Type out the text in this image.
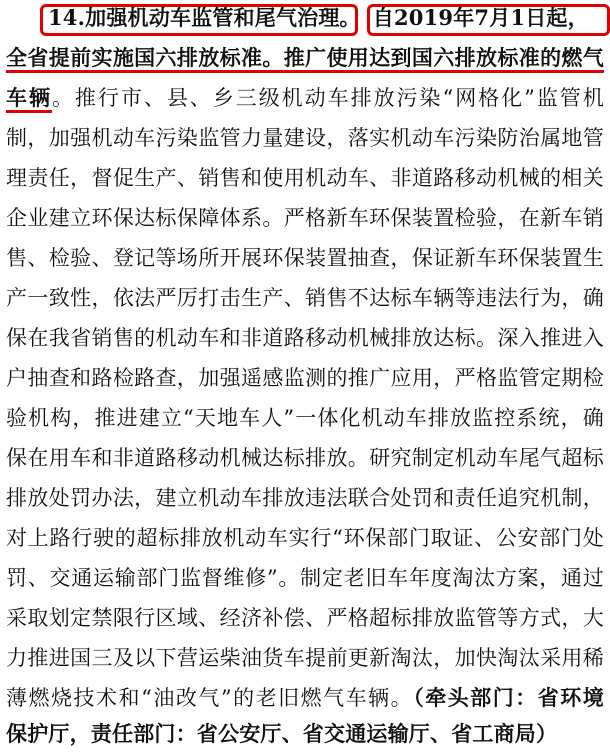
14.加强机动车监管和尾气治理。 自2019年7月1日起，
全省提前实施国六排放标准。推广使用达到国六排放标准的燃气
车辆。推行市、县、乡三级机动车排放污染“网格化”监管机
制，加强机动车污染监管力量建设，落实机动车污染防治属地管
理责任，督促生产、销售和使用机动车、非道路移动机械的相关
企业建立环保达标保障体系。严格新车环保装置检验，在新车销
售、检验、登记等场所开展环保装置抽查，保证新车环保装置生
产一致性，依法严厉打击生产、销售不达标车辆等违法行为，确
保在我省销售的机动车和非道路移动机械排放达标。深入推进入
户抽查和路检路查，加强遥感监测的推广应用，严格监管定期检
验机构，推进建立“天地车人”一体化机动车排放监控系统，确
保在用车和非道路移动机械达标排放。研究制定机动车尾气超标
排放处罚办法，建立机动车排放违法联合处罚和责任追究机制，
对上路行驶的超标排放机动车实行“环保部门取证、公安部门处
罚、交通运输部门监督维修”。制定老旧车年度淘汰方案，通过
采取划定禁限行区域、经济补偿、严格超标排放监管等方式，大
力推进国三及以下营运柴油货车提前更新淘汰，加快淘汰采用稀
薄燃烧技术和“油改气”的老旧燃气车辆。（牵头部门：省环境
保护厅，责任部门：省公安厅、省交通运输厅、省工商局）
